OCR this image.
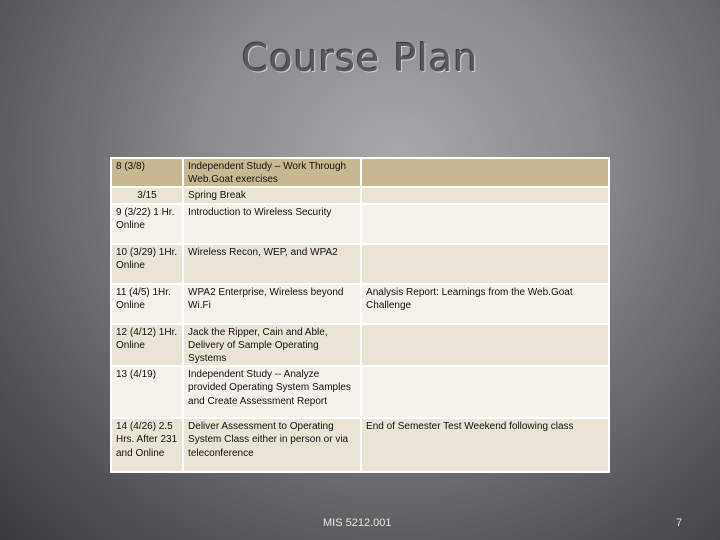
Course Plan
8 (3/8)	Independent Study – Work Through Web.Goat exercises	

3/15	Spring Break	

9 (3/22) 1 Hr. Online	Introduction to Wireless Security	

10 (3/29) 1Hr. Online	Wireless Recon, WEP, and WPA2	

11 (4/5) 1Hr. Online	WPA2 Enterprise, Wireless beyond Wi.Fi	Analysis Report: Learnings from the Web.Goat Challenge

12 (4/12) 1Hr. Online	Jack the Ripper, Cain and Able, Delivery of Sample Operating Systems	

13 (4/19)	Independent Study -- Analyze provided Operating System Samples and Create Assessment Report	

14 (4/26) 2.5 Hrs. After 231 and Online	Deliver Assessment to Operating System Class either in person or via teleconference	End of Semester Test Weekend following class
MIS 5212.001	7
